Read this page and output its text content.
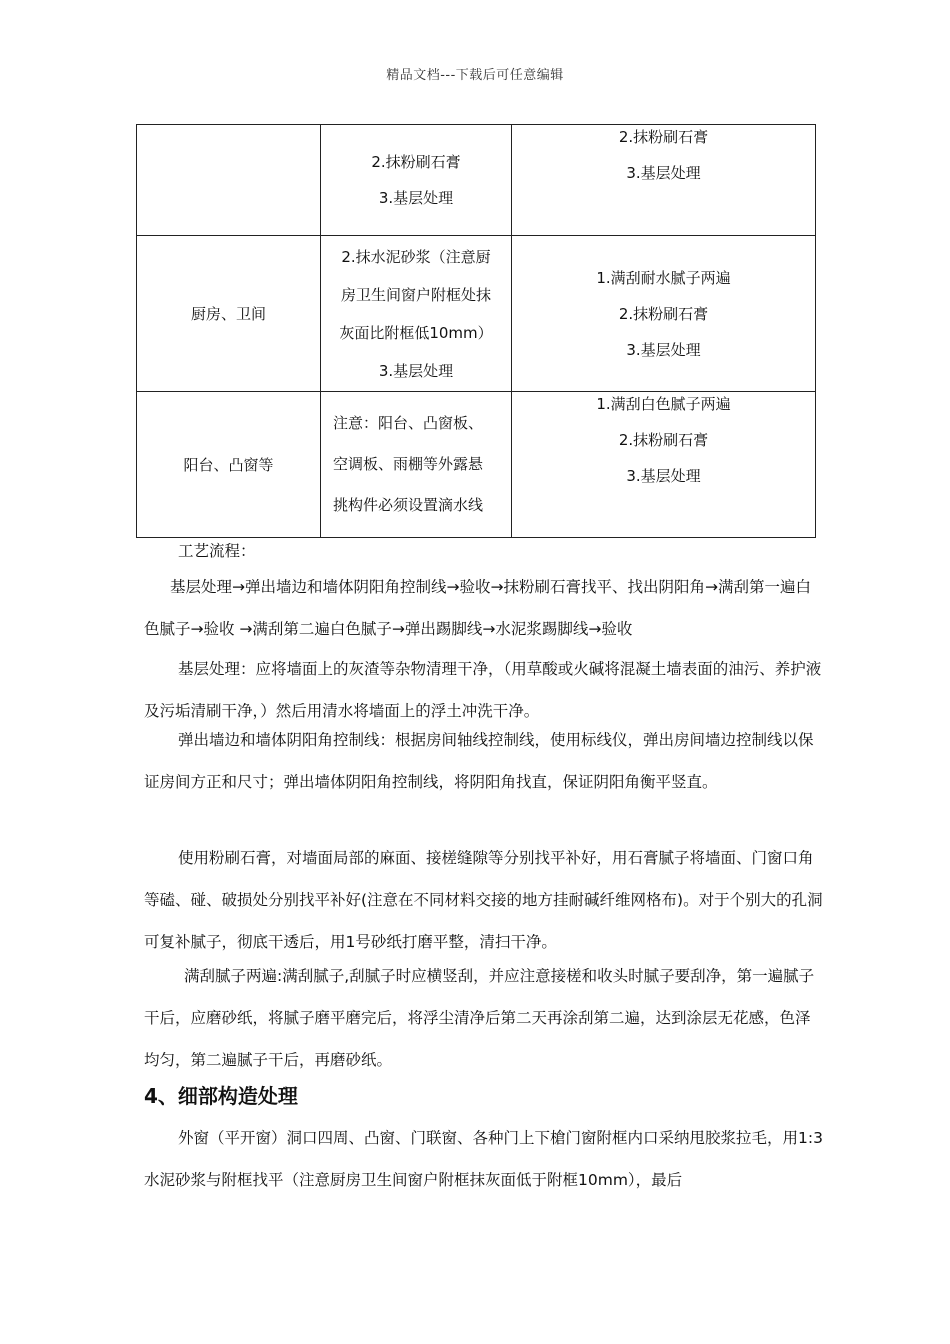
精品文档---下载后可任意编辑

	2.抹粉刷石膏
3.基层处理	2.抹粉刷石膏
3.基层处理

厨房、卫间	2.抹水泥砂浆（注意厨
房卫生间窗户附框处抹
灰面比附框低10mm）
3.基层处理	1.满刮耐水腻子两遍
2.抹粉刷石膏
3.基层处理

阳台、凸窗等	注意：阳台、凸窗板、
空调板、雨棚等外露悬
挑构件必须设置滴水线	1.满刮白色腻子两遍
2.抹粉刷石膏
3.基层处理

工艺流程：

基层处理→弹出墙边和墙体阴阳角控制线→验收→抹粉刷石膏找平、找出阴阳角→满刮第一遍白色腻子→验收 →满刮第二遍白色腻子→弹出踢脚线→水泥浆踢脚线→验收

基层处理：应将墙面上的灰渣等杂物清理干净，（用草酸或火碱将混凝土墙表面的油污、养护液及污垢清刷干净，）然后用清水将墙面上的浮土冲洗干净。

弹出墙边和墙体阴阳角控制线：根据房间轴线控制线，使用标线仪，弹出房间墙边控制线以保证房间方正和尺寸；弹出墙体阴阳角控制线，将阴阳角找直，保证阴阳角衡平竖直。

使用粉刷石膏，对墙面局部的麻面、接槎缝隙等分别找平补好，用石膏腻子将墙面、门窗口角等磕、碰、破损处分别找平补好(注意在不同材料交接的地方挂耐碱纤维网格布)。对于个别大的孔洞可复补腻子，彻底干透后，用1号砂纸打磨平整，清扫干净。

满刮腻子两遍:满刮腻子,刮腻子时应横竖刮，并应注意接槎和收头时腻子要刮净，第一遍腻子干后，应磨砂纸，将腻子磨平磨完后，将浮尘清净后第二天再涂刮第二遍，达到涂层无花感，色泽均匀，第二遍腻子干后，再磨砂纸。

4、细部构造处理

外窗（平开窗）洞口四周、凸窗、门联窗、各种门上下槍门窗附框内口采纳甩胶浆拉毛，用1:3水泥砂浆与附框找平（注意厨房卫生间窗户附框抹灰面低于附框10mm），最后
